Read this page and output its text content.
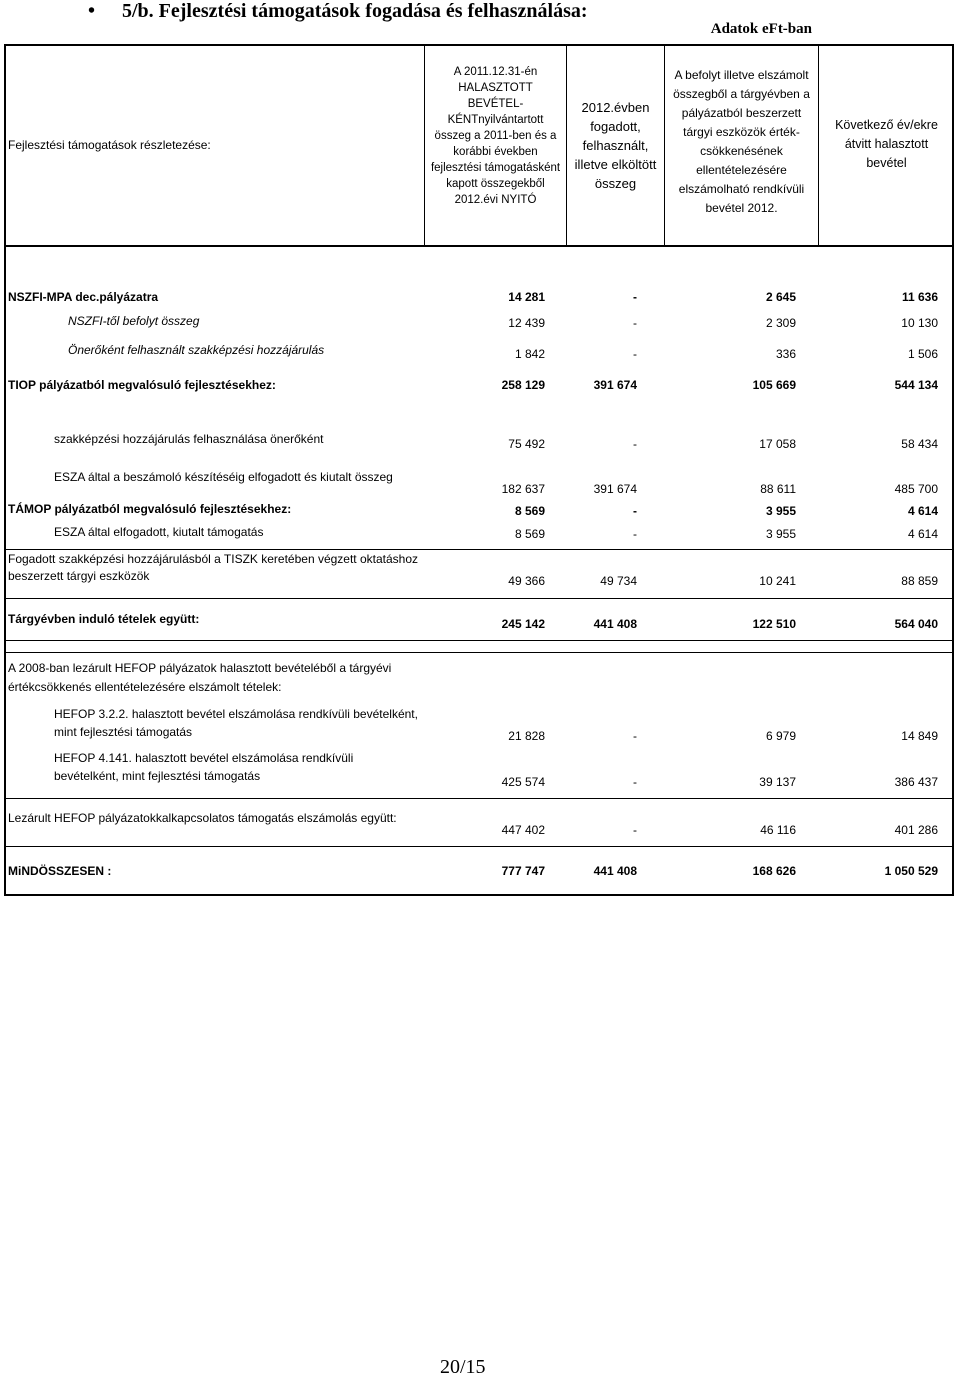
• 5/b. Fejlesztési támogatások fogadása és felhasználása:
Adatok eFt-ban
Fejlesztési támogatások részletezése:
A 2011.12.31-én HALASZTOTT BEVÉTEL-KÉNTnyilvántartott összeg a 2011-ben és a korábbi években fejlesztési támogatásként kapott összegekből 2012.évi NYITÓ
2012.évben fogadott, felhasznált, illetve elköltött összeg
A befolyt illetve elszámolt összegből a tárgyévben a pályázatból beszerzett tárgyi eszközök érték-csökkenésének ellentételezésére elszámolható rendkívüli bevétel 2012.
Következő év/ekre átvitt halasztott bevétel
NSZFI-MPA dec.pályázatra	14 281	-	2 645	11 636
NSZFI-től befolyt összeg	12 439	-	2 309	10 130
Önerőként felhasznált szakképzési hozzájárulás	1 842	-	336	1 506
TIOP pályázatból megvalósuló fejlesztésekhez:	258 129	391 674	105 669	544 134
szakképzési hozzájárulás felhasználása önerőként	75 492	-	17 058	58 434
ESZA által a beszámoló készítéséig elfogadott és kiutalt összeg
182 637	391 674	88 611	485 700
TÁMOP pályázatból megvalósuló fejlesztésekhez:	8 569	-	3 955	4 614
ESZA által elfogadott, kiutalt támogatás	8 569	-	3 955	4 614
Fogadott szakképzési hozzájárulásból a TISZK keretében végzett oktatáshoz
beszerzett tárgyi eszközök	49 366	49 734	10 241	88 859
Tárgyévben induló tételek együtt:	245 142	441 408	122 510	564 040
A 2008-ban lezárult HEFOP pályázatok halasztott bevételéből a tárgyévi
értékcsökkenés ellentételezésére elszámolt tételek:
HEFOP 3.2.2. halasztott bevétel elszámolása rendkívüli bevételként,
mint fejlesztési támogatás	21 828	-	6 979	14 849
HEFOP 4.141. halasztott bevétel elszámolása rendkívüli
bevételként, mint fejlesztési támogatás	425 574	-	39 137	386 437
Lezárult HEFOP pályázatokkalkapcsolatos támogatás elszámolás együtt:
447 402	-	46 116	401 286
MiNDÖSSZESEN :	777 747	441 408	168 626	1 050 529
20/15
